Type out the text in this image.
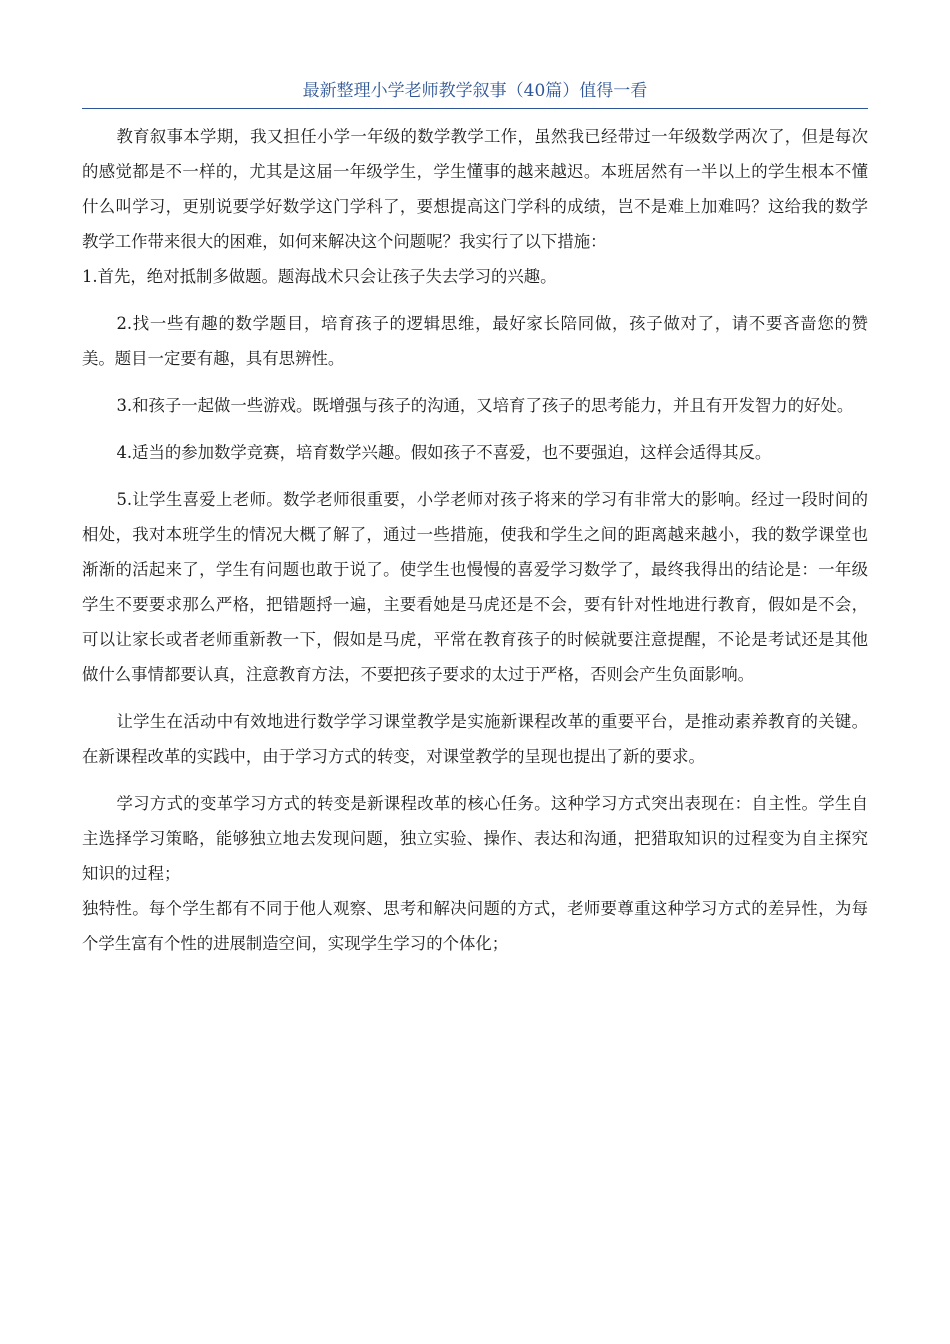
最新整理小学老师教学叙事（40篇）值得一看

教育叙事本学期，我又担任小学一年级的数学教学工作，虽然我已经带过一年级数学两次了，但是每次的感觉都是不一样的，尤其是这届一年级学生，学生懂事的越来越迟。本班居然有一半以上的学生根本不懂什么叫学习，更别说要学好数学这门学科了，要想提高这门学科的成绩，岂不是难上加难吗？这给我的数学教学工作带来很大的困难，如何来解决这个问题呢？我实行了以下措施：

1.首先，绝对抵制多做题。题海战术只会让孩子失去学习的兴趣。

2.找一些有趣的数学题目，培育孩子的逻辑思维，最好家长陪同做，孩子做对了，请不要吝啬您的赞美。题目一定要有趣，具有思辨性。

3.和孩子一起做一些游戏。既增强与孩子的沟通，又培育了孩子的思考能力，并且有开发智力的好处。

4.适当的参加数学竞赛，培育数学兴趣。假如孩子不喜爱，也不要强迫，这样会适得其反。

5.让学生喜爱上老师。数学老师很重要，小学老师对孩子将来的学习有非常大的影响。经过一段时间的相处，我对本班学生的情况大概了解了，通过一些措施，使我和学生之间的距离越来越小，我的数学课堂也渐渐的活起来了，学生有问题也敢于说了。使学生也慢慢的喜爱学习数学了，最终我得出的结论是：一年级学生不要要求那么严格，把错题捋一遍，主要看她是马虎还是不会，要有针对性地进行教育，假如是不会，可以让家长或者老师重新教一下，假如是马虎，平常在教育孩子的时候就要注意提醒，不论是考试还是其他做什么事情都要认真，注意教育方法，不要把孩子要求的太过于严格，否则会产生负面影响。

让学生在活动中有效地进行数学学习课堂教学是实施新课程改革的重要平台，是推动素养教育的关键。在新课程改革的实践中，由于学习方式的转变，对课堂教学的呈现也提出了新的要求。

学习方式的变革学习方式的转变是新课程改革的核心任务。这种学习方式突出表现在：自主性。学生自主选择学习策略，能够独立地去发现问题，独立实验、操作、表达和沟通，把猎取知识的过程变为自主探究知识的过程；

独特性。每个学生都有不同于他人观察、思考和解决问题的方式，老师要尊重这种学习方式的差异性，为每个学生富有个性的进展制造空间，实现学生学习的个体化；
